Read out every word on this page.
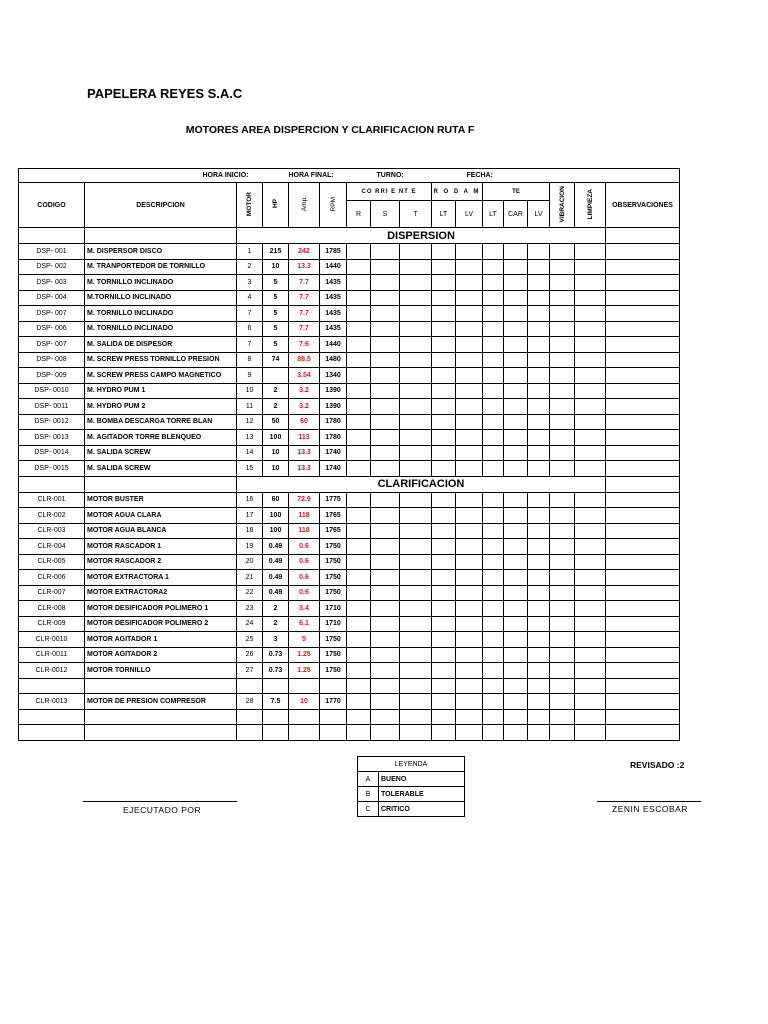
PAPELERA REYES S.A.C
MOTORES AREA DISPERCION Y CLARIFICACION RUTA F
HORA INICIO:				HORA FINAL:			TURNO:			FECHA:						
CODIGO	DESCRIPCION	MOTOR	HP	Amp.	RPM	CO RRI E NT E			R O D A M		TE			VIBRACION	LIMPIEZA	OBSERVACIONES
						R	S	T	LT	LV	LT	CAR	LV			
		DISPERSION														
DSP- 001	M. DISPERSOR DISCO	1	215	242	1785											
DSP- 002	M. TRANPORTEDOR DE TORNILLO	2	10	13.3	1440											
DSP- 003	M. TORNILLO INCLINADO	3	5	7.7	1435											
DSP- 004	M.TORNILLO INCLINADO	4	5	7.7	1435											
DSP- 007	M. TORNILLO INCLINADO	7	5	7.7	1435											
DSP- 006	M. TORNILLO INCLINADO	6	5	7.7	1435											
DSP- 007	M. SALIDA DE DISPESOR	7	5	7.6	1440											
DSP- 008	M. SCREW PRESS TORNILLO PRESION	8	74	88.5	1480											
DSP- 009	M. SCREW PRESS CAMPO MAGNETICO	9		3.54	1340											
DSP- 0010	M. HYDRO PUM 1	10	2	3.2	1390											
DSP- 0011	M. HYDRO PUM 2	11	2	3.2	1390											
DSP- 0012	M. BOMBA DESCARGA TORRE BLAN	12	50	60	1780											
DSP- 0013	M. AGITADOR TORRE BLENQUEO	13	100	113	1780											
DSP- 0014	M. SALIDA SCREW	14	10	13.3	1740											
DSP- 0015	M. SALIDA SCREW	15	10	13.3	1740											
		CLARIFICACION														
CLR-001	MOTOR BUSTER	16	60	72.9	1775											
CLR-002	MOTOR AGUA CLARA	17	100	118	1765											
CLR-003	MOTOR AGUA BLANCA	18	100	118	1765											
CLR-004	MOTOR RASCADOR 1	19	0.49	0.6	1750											
CLR-005	MOTOR RASCADOR 2	20	0.49	0.6	1750											
CLR-006	MOTOR EXTRACTORA 1	21	0.49	0.6	1750											
CLR-007	MOTOR EXTRACTORA2	22	0.49	0.6	1750											
CLR-008	MOTOR DESIFICADOR POLIMERO 1	23	2	3.4	1710											
CLR-009	MOTOR DESIFICADOR POLIMERO 2	24	2	6.1	1710											
CLR-0010	MOTOR AGITADOR 1	25	3	5	1750											
CLR-0011	MOTOR AGITADOR 2	26	0.73	1.25	1750											
CLR-0012	MOTOR TORNILLO	27	0.73	1.25	1750											

CLR-0013	MOTOR DE PRESION COMPRESOR	28	7.5	10	1770											

LEYENDA	
A	BUENO
B	TOLERABLE
C	CRITICO
REVISADO :2
EJECUTADO POR	ZENIN ESCOBAR
